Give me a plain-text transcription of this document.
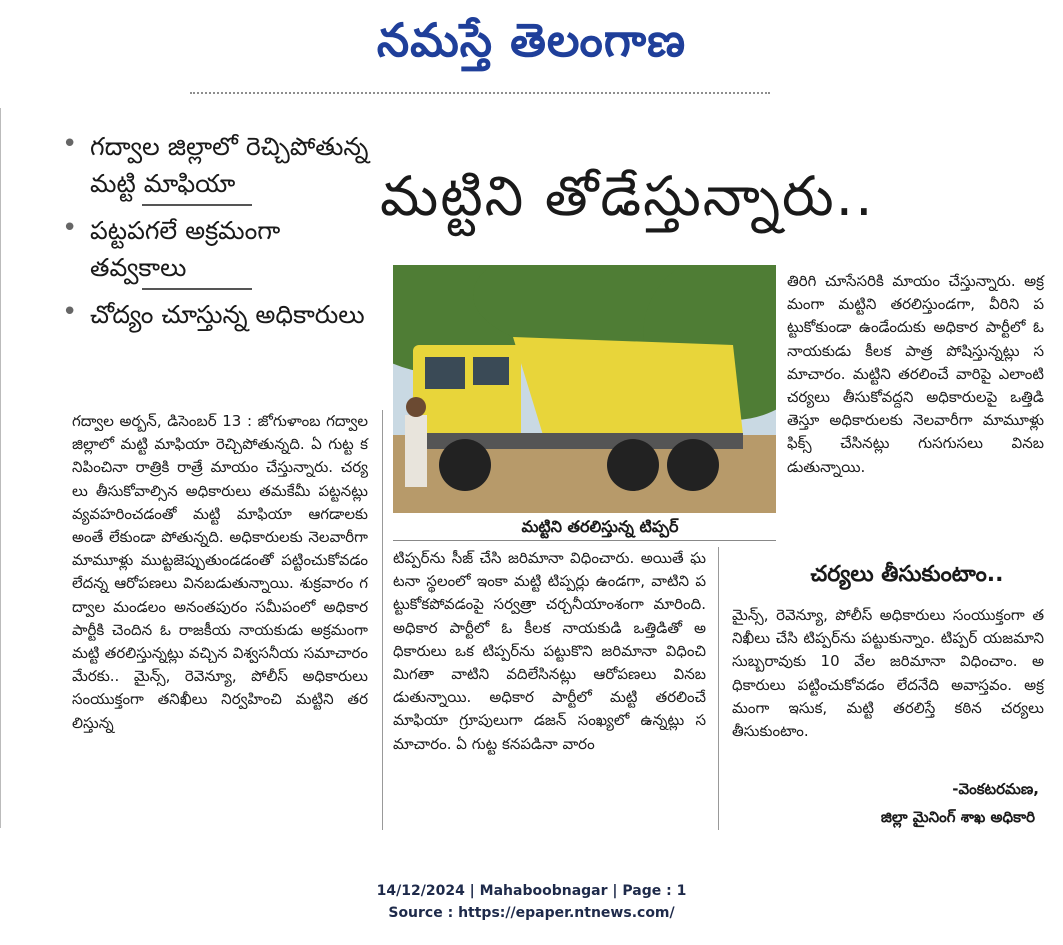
నమస్తే తెలంగాణ
• గద్వాల జిల్లాలో రెచ్చిపోతున్న మట్టి మాఫియా
• పట్టపగలే అక్రమంగా తవ్వకాలు
• చోద్యం చూస్తున్న అధికారులు
మట్టిని తోడేస్తున్నారు..
గద్వాల అర్బన్, డిసెంబర్ 13 : జోగుళాంబ గద్వాల జిల్లాలో మట్టి మాఫియా రెచ్చిపోతున్నది. ఏ గుట్ట కనిపించినా రాత్రికి రాత్రే మాయం చేస్తున్నారు. చర్యలు తీసుకోవాల్సిన అధికారులు తమకేమీ పట్టనట్లు వ్యవహరించడంతో మట్టి మాఫియా ఆగడాలకు అంతే లేకుండా పోతున్నది. అధికారులకు నెలవారీగా మామూళ్లు ముట్టజెప్పుతుండడంతో పట్టించుకోవడం లేదన్న ఆరోపణలు వినబడుతున్నాయి. శుక్రవారం గద్వాల మండలం అనంతపురం సమీపంలో అధికార పార్టీకి చెందిన ఓ రాజకీయ నాయకుడు అక్రమంగా మట్టి తరలిస్తున్నట్లు వచ్చిన విశ్వసనీయ సమాచారం మేరకు.. మైన్స్, రెవెన్యూ, పోలీస్ అధికారులు సంయుక్తంగా తనిఖీలు నిర్వహించి మట్టిని తరలిస్తున్న
మట్టిని తరలిస్తున్న టిప్పర్
టిప్పర్‌ను సీజ్ చేసి జరిమానా విధించారు. అయితే ఘటనా స్థలంలో ఇంకా మట్టి టిప్పర్లు ఉండగా, వాటిని పట్టుకోకపోవడంపై సర్వత్రా చర్చనీయాంశంగా మారింది. అధికార పార్టీలో ఓ కీలక నాయకుడి ఒత్తిడితో అధికారులు ఒక టిప్పర్‌ను పట్టుకొని జరిమానా విధించి మిగతా వాటిని వదిలేసినట్లు ఆరోపణలు వినబడుతున్నాయి. అధికార పార్టీలో మట్టి తరలించే మాఫియా గ్రూపులుగా డజన్ సంఖ్యలో ఉన్నట్లు సమాచారం. ఏ గుట్ట కనపడినా వారం
తిరిగి చూసేసరికి మాయం చేస్తున్నారు. అక్రమంగా మట్టిని తరలిస్తుండగా, వీరిని పట్టుకోకుండా ఉండేందుకు అధికార పార్టీలో ఓ నాయకుడు కీలక పాత్ర పోషిస్తున్నట్లు సమాచారం. మట్టిని తరలించే వారిపై ఎలాంటి చర్యలు తీసుకోవద్దని అధికారులపై ఒత్తిడి తెస్తూ అధికారులకు నెలవారీగా మామూళ్లు ఫిక్స్ చేసినట్లు గుసగుసలు వినబడుతున్నాయి.
చర్యలు తీసుకుంటాం..
మైన్స్, రెవెన్యూ, పోలీస్ అధికారులు సంయుక్తంగా తనిఖీలు చేసి టిప్పర్‌ను పట్టుకున్నాం. టిప్పర్ యజమాని సుబ్బరావుకు 10 వేల జరిమానా విధించాం. అధికారులు పట్టించుకోవడం లేదనేది అవాస్తవం. అక్రమంగా ఇసుక, మట్టి తరలిస్తే కఠిన చర్యలు తీసుకుంటాం.
-వెంకటరమణ,
జిల్లా మైనింగ్ శాఖ అధికారి
14/12/2024 | Mahaboobnagar | Page : 1
Source : https://epaper.ntnews.com/
